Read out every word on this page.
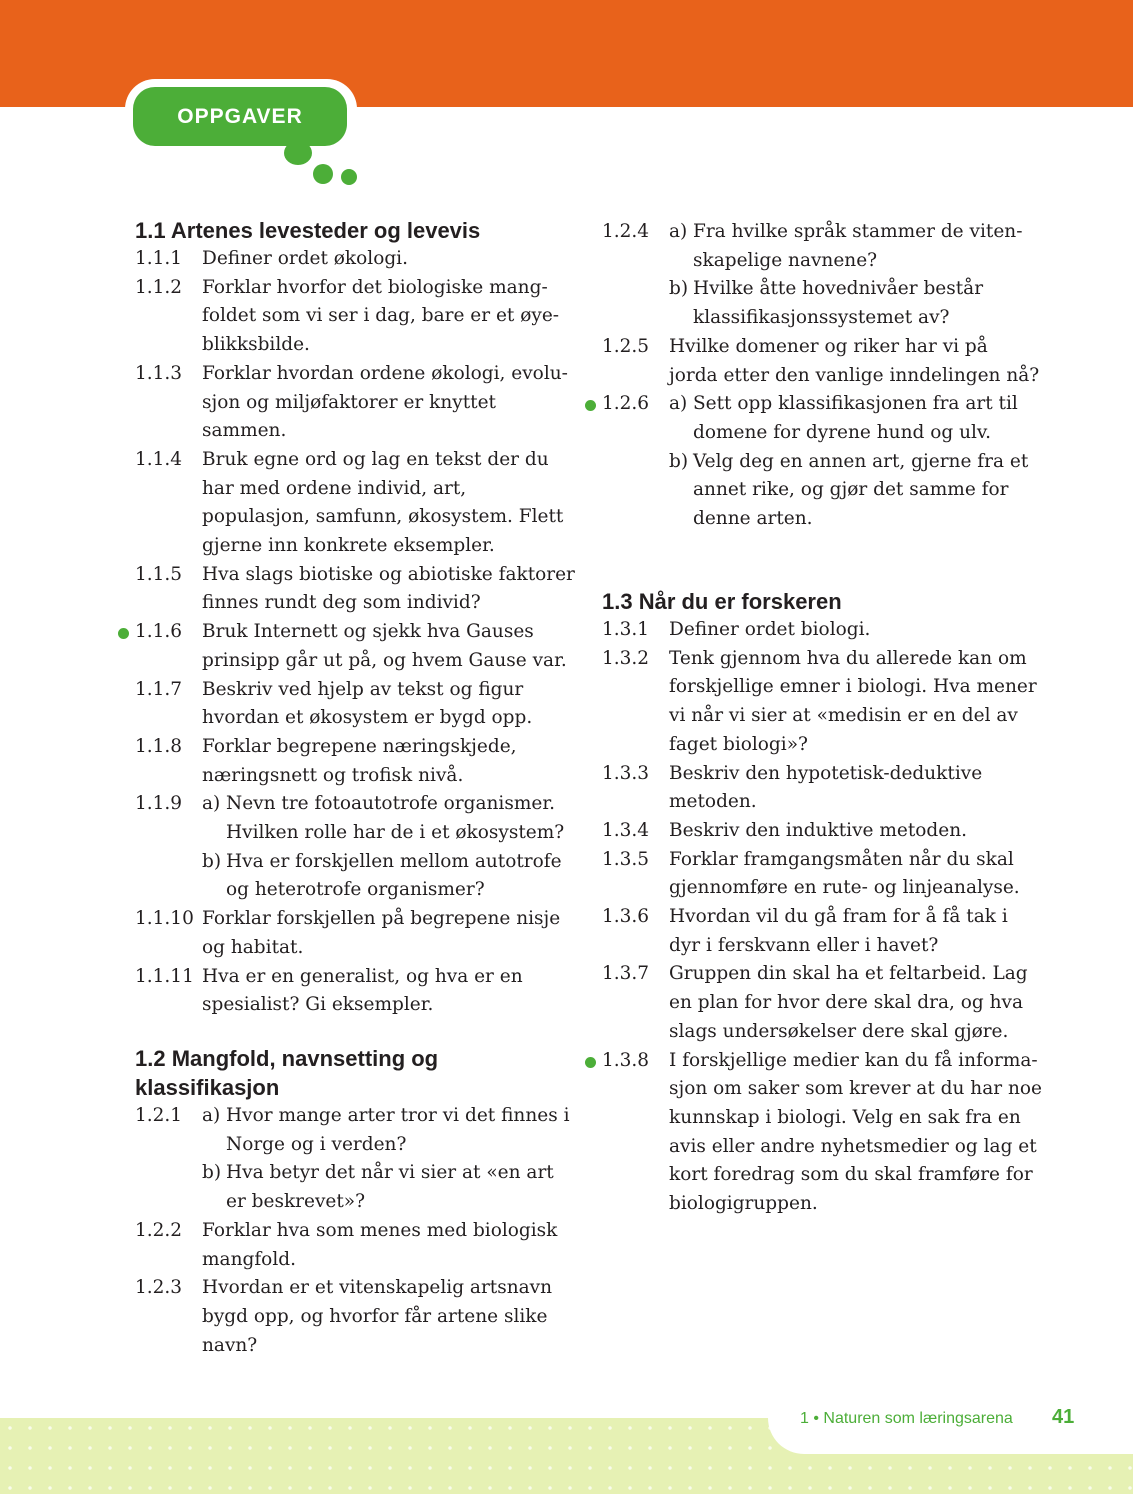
OPPGAVER
1.1 Artenes levesteder og levevis
1.1.1 Definer ordet økologi.
1.1.2 Forklar hvorfor det biologiske mangfoldet som vi ser i dag, bare er et øyeblikksbilde.
1.1.3 Forklar hvordan ordene økologi, evolusjon og miljøfaktorer er knyttet sammen.
1.1.4 Bruk egne ord og lag en tekst der du har med ordene individ, art, populasjon, samfunn, økosystem. Flett gjerne inn konkrete eksempler.
1.1.5 Hva slags biotiske og abiotiske faktorer finnes rundt deg som individ?
1.1.6 Bruk Internett og sjekk hva Gauses prinsipp går ut på, og hvem Gause var.
1.1.7 Beskriv ved hjelp av tekst og figur hvordan et økosystem er bygd opp.
1.1.8 Forklar begrepene næringskjede, næringsnett og trofisk nivå.
1.1.9 a) Nevn tre fotoautotrofe organismer. Hvilken rolle har de i et økosystem?
b) Hva er forskjellen mellom autotrofe og heterotrofe organismer?
1.1.10 Forklar forskjellen på begrepene nisje og habitat.
1.1.11 Hva er en generalist, og hva er en spesialist? Gi eksempler.
1.2 Mangfold, navnsetting og
klassifikasjon
1.2.1 a) Hvor mange arter tror vi det finnes i Norge og i verden?
b) Hva betyr det når vi sier at «en art er beskrevet»?
1.2.2 Forklar hva som menes med biologisk mangfold.
1.2.3 Hvordan er et vitenskapelig artsnavn bygd opp, og hvorfor får artene slike navn?
1.2.4 a) Fra hvilke språk stammer de vitenskapelige navnene?
b) Hvilke åtte hovednivåer består klassifikasjonssystemet av?
1.2.5 Hvilke domener og riker har vi på jorda etter den vanlige inndelingen nå?
1.2.6 a) Sett opp klassifikasjonen fra art til domene for dyrene hund og ulv.
b) Velg deg en annen art, gjerne fra et annet rike, og gjør det samme for denne arten.
1.3 Når du er forskeren
1.3.1 Definer ordet biologi.
1.3.2 Tenk gjennom hva du allerede kan om forskjellige emner i biologi. Hva mener vi når vi sier at «medisin er en del av faget biologi»?
1.3.3 Beskriv den hypotetisk-deduktive metoden.
1.3.4 Beskriv den induktive metoden.
1.3.5 Forklar framgangsmåten når du skal gjennomføre en rute- og linjeanalyse.
1.3.6 Hvordan vil du gå fram for å få tak i dyr i ferskvann eller i havet?
1.3.7 Gruppen din skal ha et feltarbeid. Lag en plan for hvor dere skal dra, og hva slags undersøkelser dere skal gjøre.
1.3.8 I forskjellige medier kan du få informasjon om saker som krever at du har noe kunnskap i biologi. Velg en sak fra en avis eller andre nyhetsmedier og lag et kort foredrag som du skal framføre for biologigruppen.
1 • Naturen som læringsarena 41
